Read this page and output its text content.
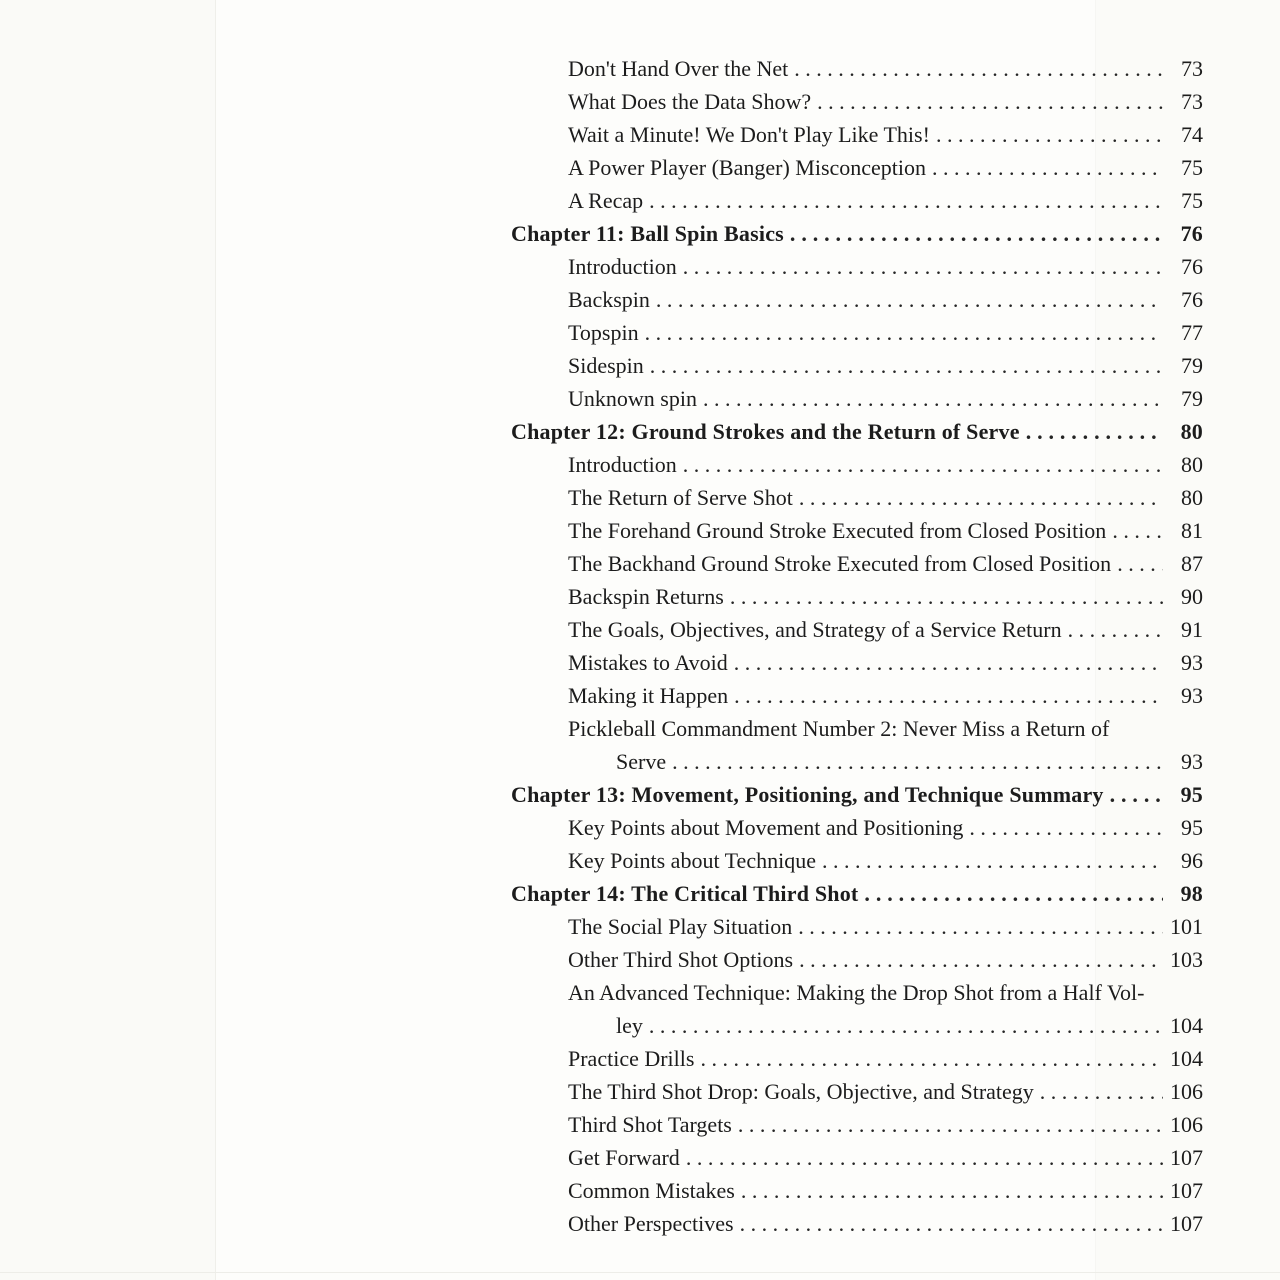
Don't Hand Over the Net . . .	73
What Does the Data Show? . . .	73
Wait a Minute! We Don't Play Like This! . . .	74
A Power Player (Banger) Misconception . . .	75
A Recap . . .	75
Chapter 11: Ball Spin Basics . . .	76
Introduction . . .	76
Backspin . . .	76
Topspin . . .	77
Sidespin . . .	79
Unknown spin . . .	79
Chapter 12: Ground Strokes and the Return of Serve . . .	80
Introduction . . .	80
The Return of Serve Shot . . .	80
The Forehand Ground Stroke Executed from Closed Position . . .	81
The Backhand Ground Stroke Executed from Closed Position . . .	87
Backspin Returns . . .	90
The Goals, Objectives, and Strategy of a Service Return . . .	91
Mistakes to Avoid . . .	93
Making it Happen . . .	93
Pickleball Commandment Number 2: Never Miss a Return of
Serve . . .	93
Chapter 13: Movement, Positioning, and Technique Summary . . .	95
Key Points about Movement and Positioning . . .	95
Key Points about Technique . . .	96
Chapter 14: The Critical Third Shot . . .	98
The Social Play Situation . . .	101
Other Third Shot Options . . .	103
An Advanced Technique: Making the Drop Shot from a Half Vol-
ley . . .	104
Practice Drills . . .	104
The Third Shot Drop: Goals, Objective, and Strategy . . .	106
Third Shot Targets . . .	106
Get Forward . . .	107
Common Mistakes . . .	107
Other Perspectives . . .	107
